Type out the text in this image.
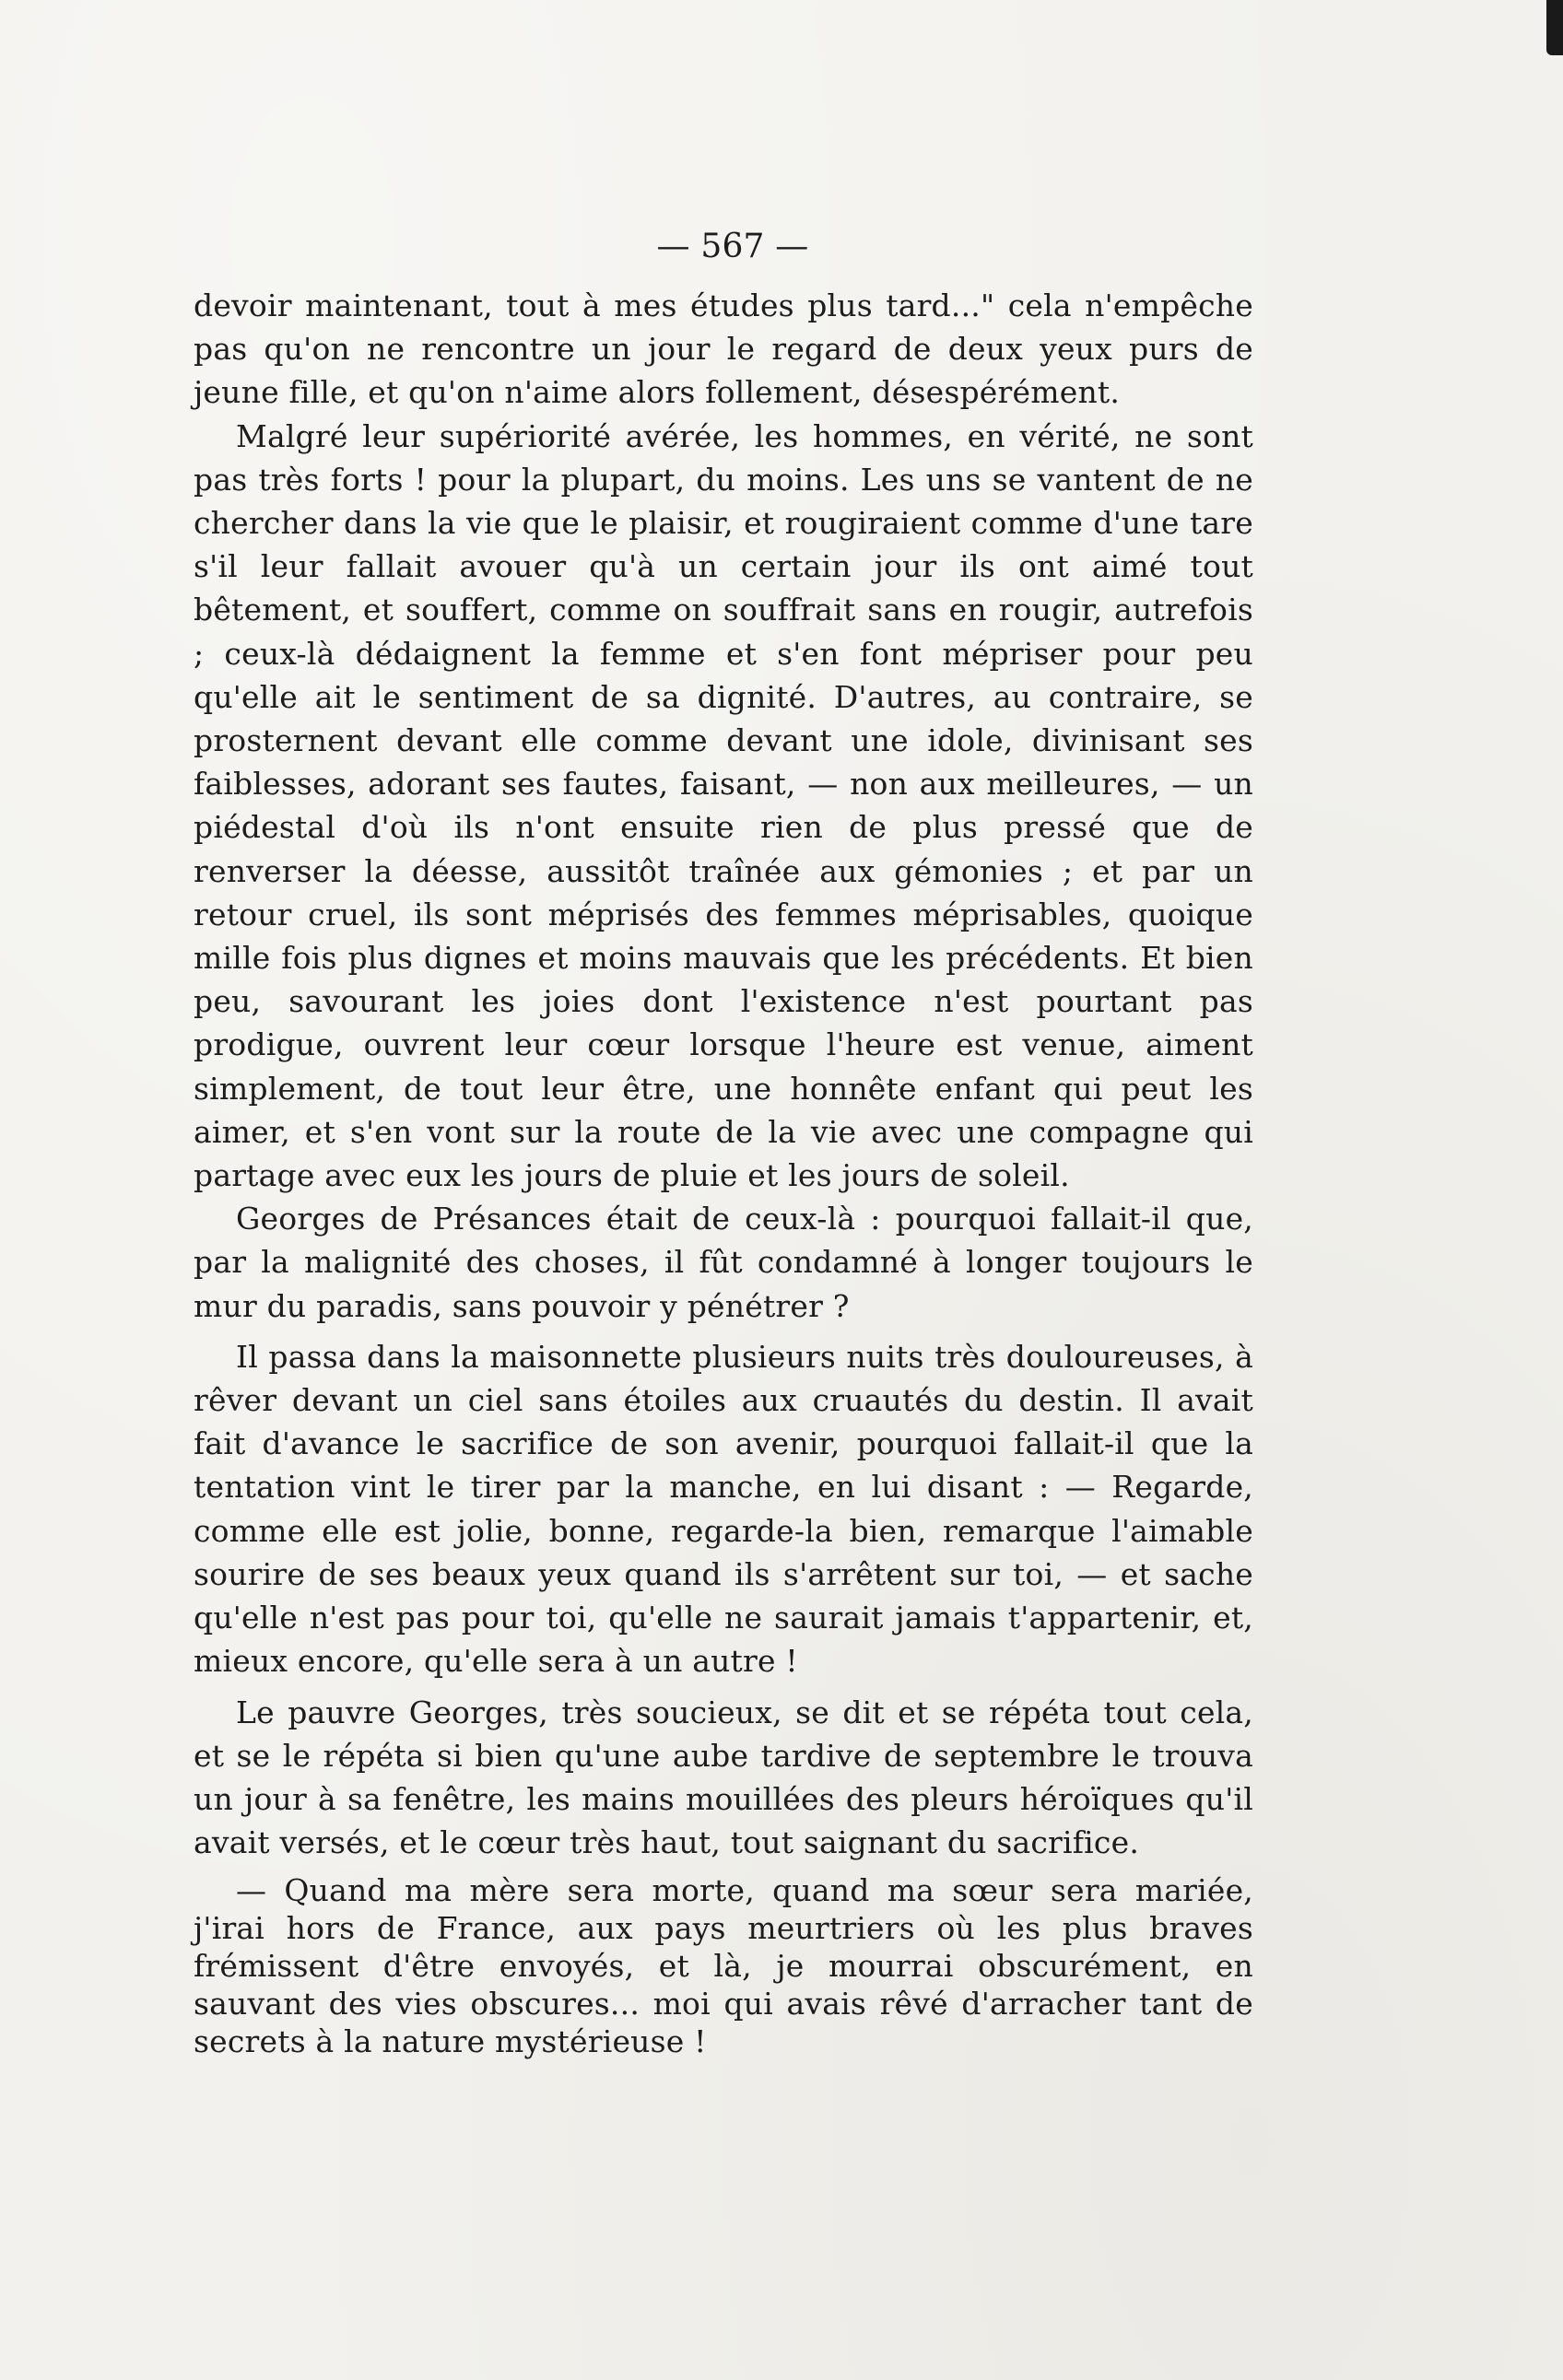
— 567 —

devoir maintenant, tout à mes études plus tard..." cela n'empêche pas qu'on ne rencontre un jour le regard de deux yeux purs de jeune fille, et qu'on n'aime alors follement, désespérément.

Malgré leur supériorité avérée, les hommes, en vérité, ne sont pas très forts ! pour la plupart, du moins. Les uns se vantent de ne chercher dans la vie que le plaisir, et rougiraient comme d'une tare s'il leur fallait avouer qu'à un certain jour ils ont aimé tout bêtement, et souffert, comme on souffrait sans en rougir, autrefois ; ceux-là dédaignent la femme et s'en font mépriser pour peu qu'elle ait le sentiment de sa dignité. D'autres, au contraire, se prosternent devant elle comme devant une idole, divinisant ses faiblesses, adorant ses fautes, faisant, — non aux meilleures, — un piédestal d'où ils n'ont ensuite rien de plus pressé que de renverser la déesse, aussitôt traînée aux gémonies ; et par un retour cruel, ils sont méprisés des femmes méprisables, quoique mille fois plus dignes et moins mauvais que les précédents. Et bien peu, savourant les joies dont l'existence n'est pourtant pas prodigue, ouvrent leur cœur lorsque l'heure est venue, aiment simplement, de tout leur être, une honnête enfant qui peut les aimer, et s'en vont sur la route de la vie avec une compagne qui partage avec eux les jours de pluie et les jours de soleil.

Georges de Présances était de ceux-là : pourquoi fallait-il que, par la malignité des choses, il fût condamné à longer toujours le mur du paradis, sans pouvoir y pénétrer ?

Il passa dans la maisonnette plusieurs nuits très douloureuses, à rêver devant un ciel sans étoiles aux cruautés du destin. Il avait fait d'avance le sacrifice de son avenir, pourquoi fallait-il que la tentation vint le tirer par la manche, en lui disant : — Regarde, comme elle est jolie, bonne, regarde-la bien, remarque l'aimable sourire de ses beaux yeux quand ils s'arrêtent sur toi, — et sache qu'elle n'est pas pour toi, qu'elle ne saurait jamais t'appartenir, et, mieux encore, qu'elle sera à un autre !

Le pauvre Georges, très soucieux, se dit et se répéta tout cela, et se le répéta si bien qu'une aube tardive de septembre le trouva un jour à sa fenêtre, les mains mouillées des pleurs héroïques qu'il avait versés, et le cœur très haut, tout saignant du sacrifice.

— Quand ma mère sera morte, quand ma sœur sera mariée, j'irai hors de France, aux pays meurtriers où les plus braves frémissent d'être envoyés, et là, je mourrai obscurément, en sauvant des vies obscures... moi qui avais rêvé d'arracher tant de secrets à la nature mystérieuse !
